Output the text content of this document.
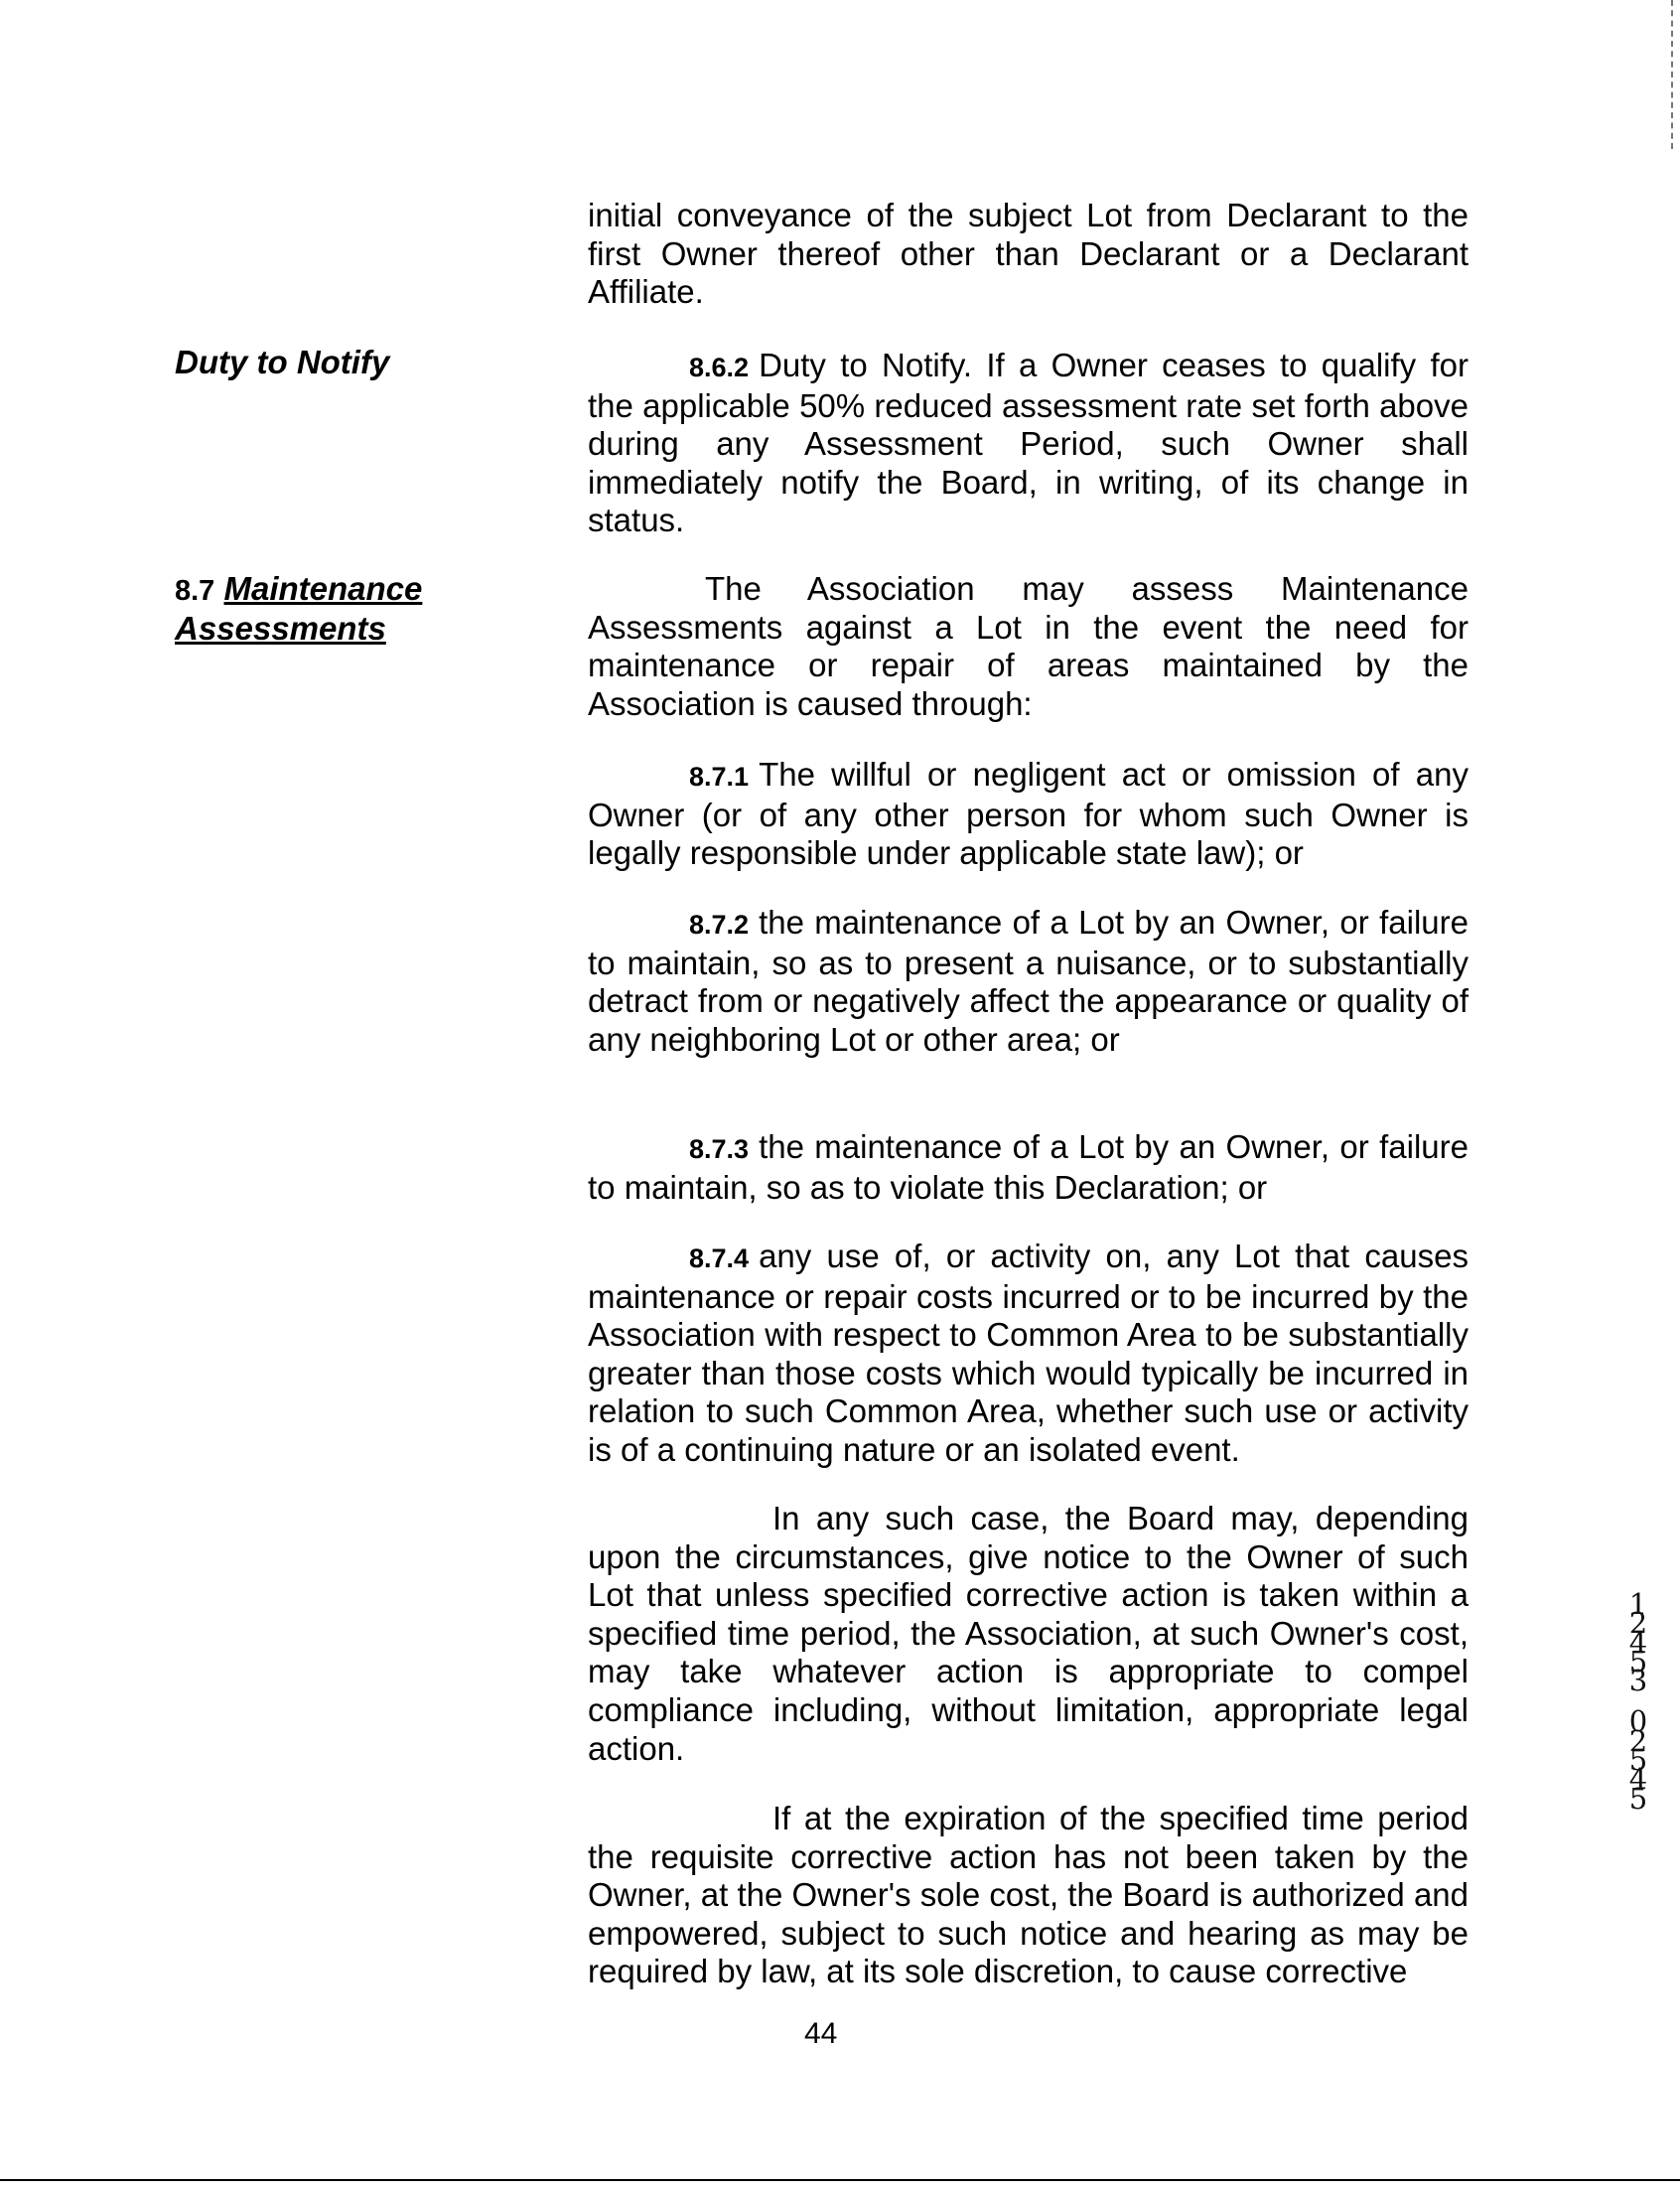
Duty to Notify
8.7 Maintenance
Assessments

initial conveyance of the subject Lot from Declarant to the first Owner thereof other than Declarant or a Declarant Affiliate.

8.6.2 Duty to Notify. If a Owner ceases to qualify for the applicable 50% reduced assessment rate set forth above during any Assessment Period, such Owner shall immediately notify the Board, in writing, of its change in status.

The Association may assess Maintenance Assessments against a Lot in the event the need for maintenance or repair of areas maintained by the Association is caused through:

8.7.1 The willful or negligent act or omission of any Owner (or of any other person for whom such Owner is legally responsible under applicable state law); or

8.7.2 the maintenance of a Lot by an Owner, or failure to maintain, so as to present a nuisance, or to substantially detract from or negatively affect the appearance or quality of any neighboring Lot or other area; or

8.7.3 the maintenance of a Lot by an Owner, or failure to maintain, so as to violate this Declaration; or

8.7.4 any use of, or activity on, any Lot that causes maintenance or repair costs incurred or to be incurred by the Association with respect to Common Area to be substantially greater than those costs which would typically be incurred in relation to such Common Area, whether such use or activity is of a continuing nature or an isolated event.

In any such case, the Board may, depending upon the circumstances, give notice to the Owner of such Lot that unless specified corrective action is taken within a specified time period, the Association, at such Owner's cost, may take whatever action is appropriate to compel compliance including, without limitation, appropriate legal action.

If at the expiration of the specified time period the requisite corrective action has not been taken by the Owner, at the Owner's sole cost, the Board is authorized and empowered, subject to such notice and hearing as may be required by law, at its sole discretion, to cause corrective

44
12453
02545
